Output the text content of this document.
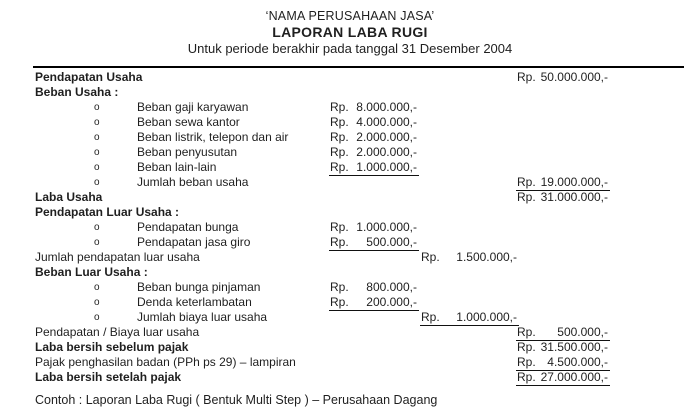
‘NAMA PERUSAHAAN JASA’
LAPORAN LABA RUGI
Untuk periode berakhir pada tanggal 31 Desember 2004
Pendapatan Usaha	Rp. 50.000.000,-
Beban Usaha :
o	Beban gaji karyawan	Rp. 8.000.000,-
o	Beban sewa kantor	Rp. 4.000.000,-
o	Beban listrik, telepon dan air	Rp. 2.000.000,-
o	Beban penyusutan	Rp. 2.000.000,-
o	Beban lain-lain	Rp. 1.000.000,-
o	Jumlah beban usaha	Rp. 19.000.000,-
Laba Usaha	Rp. 31.000.000,-
Pendapatan Luar Usaha :
o	Pendapatan bunga	Rp. 1.000.000,-
o	Pendapatan jasa giro	Rp. 500.000,-
Jumlah pendapatan luar usaha	Rp. 1.500.000,-
Beban Luar Usaha :
o	Beban bunga pinjaman	Rp. 800.000,-
o	Denda keterlambatan	Rp. 200.000,-
o	Jumlah biaya luar usaha	Rp. 1.000.000,-
Pendapatan / Biaya luar usaha	Rp. 500.000,-
Laba bersih sebelum pajak	Rp. 31.500.000,-
Pajak penghasilan badan (PPh ps 29) – lampiran	Rp. 4.500.000,-
Laba bersih setelah pajak	Rp. 27.000.000,-
Contoh : Laporan Laba Rugi ( Bentuk Multi Step ) – Perusahaan Dagang
